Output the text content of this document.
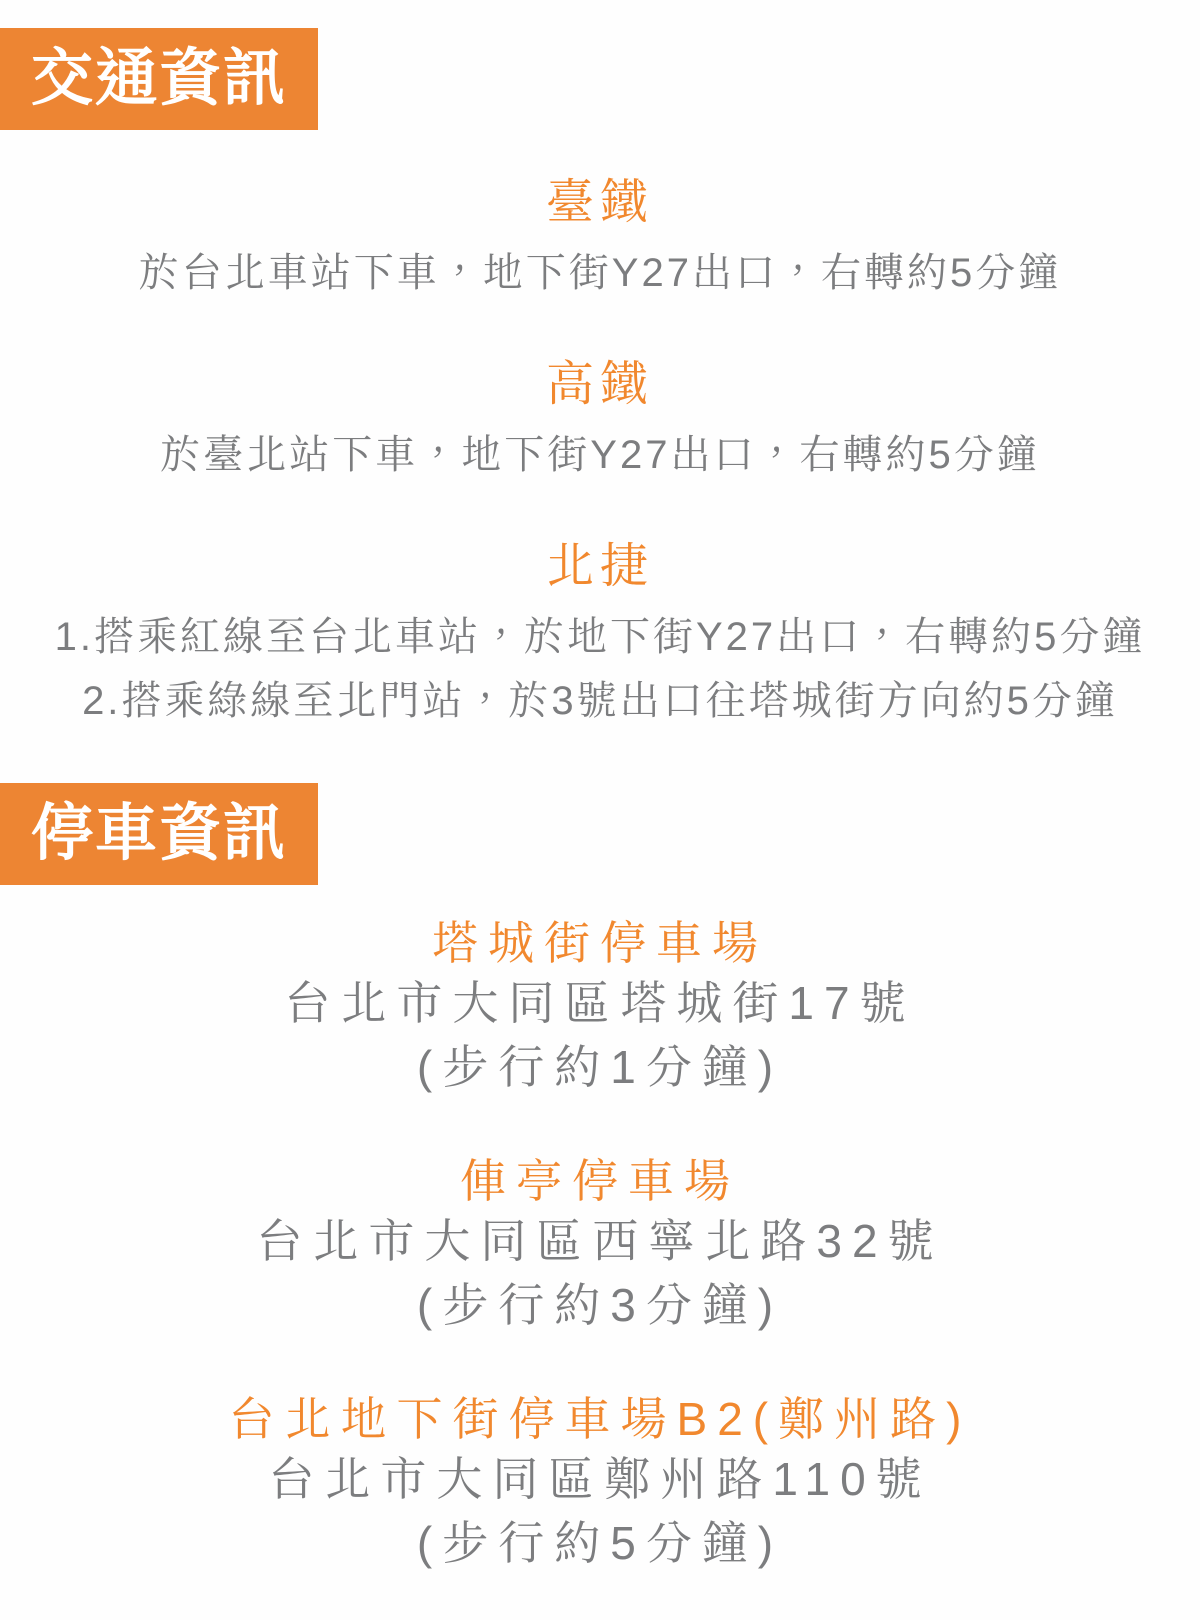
交通資訊
臺鐵

於台北車站下車，地下街Y27出口，右轉約5分鐘

高鐵

於臺北站下車，地下街Y27出口，右轉約5分鐘

北捷

1.搭乘紅線至台北車站，於地下街Y27出口，右轉約5分鐘

2.搭乘綠線至北門站，於3號出口往塔城街方向約5分鐘

停車資訊
塔城街停車場

台北市大同區塔城街17號

(步行約1分鐘)

俥亭停車場

台北市大同區西寧北路32號

(步行約3分鐘)

台北地下街停車場B2(鄭州路)

台北市大同區鄭州路110號

(步行約5分鐘)
